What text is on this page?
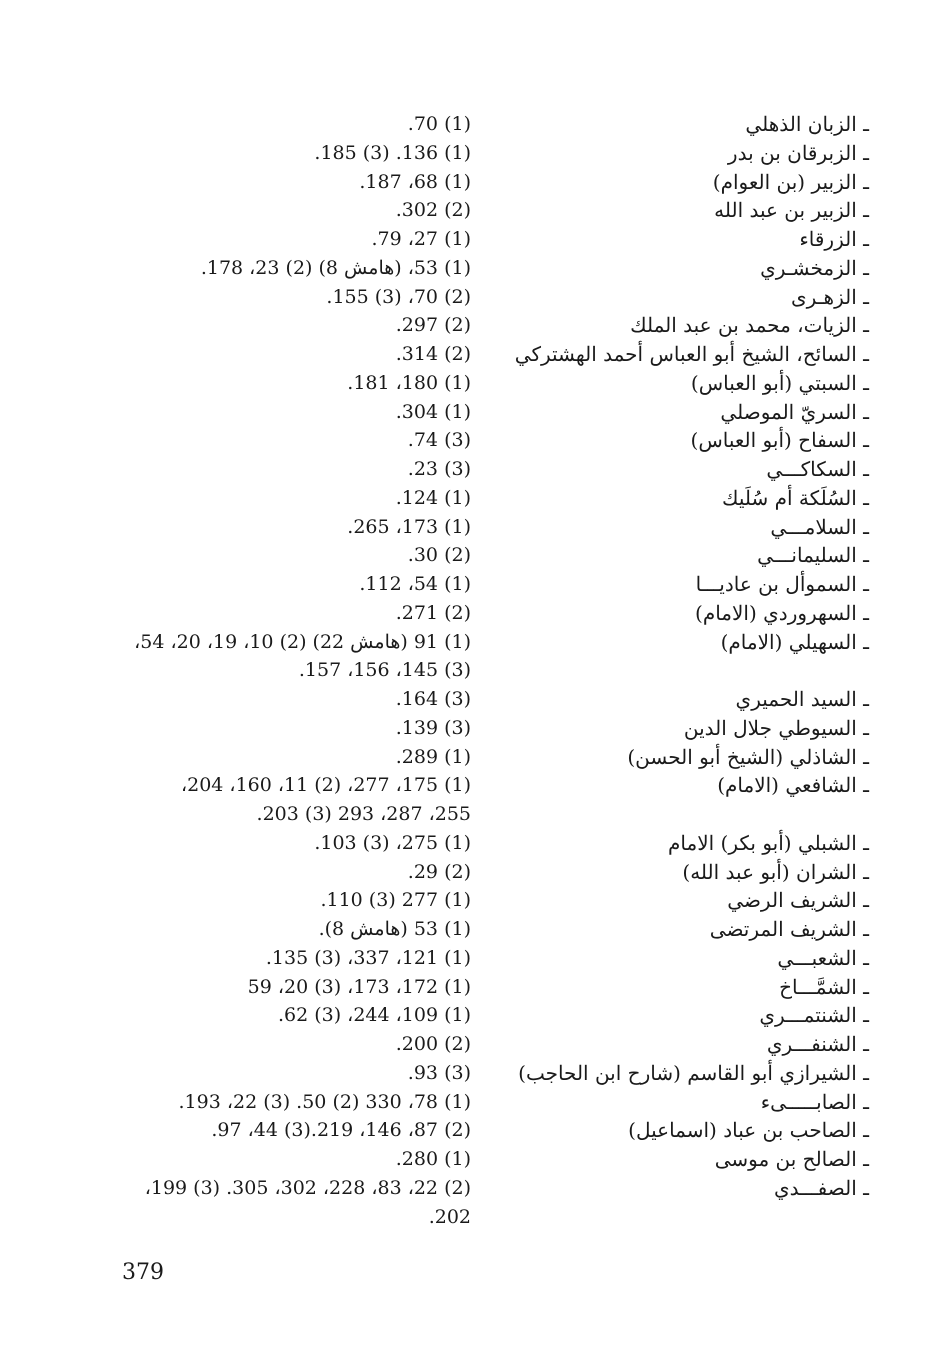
ـ الزبان الذهلي
(1) 70.
ـ الزبرقان بن بدر
(1) 136. (3) 185.
ـ الزبير (بن العوام)
(1) 68، 187.
ـ الزبير بن عبد الله
(2) 302.
ـ الزرقاء
(1) 27، 79.
ـ الزمخشـري
(1) 53، (هامش 8) (2) 23، 178.
ـ الزهـرى
(2) 70، (3) 155.
ـ الزيات، محمد بن عبد الملك
(2) 297.
ـ السائح، الشيخ أبو العباس أحمد الهشتركي
(2) 314.
ـ السبتي (أبو العباس)
(1) 180، 181.
ـ السريّ الموصلي
(1) 304.
ـ السفاح (أبو العباس)
(3) 74.
ـ السكاكـــي
(3) 23.
ـ السُلَكة أم سُلَيك
(1) 124.
ـ السلامـــي
(1) 173، 265.
ـ السليمانـــي
(2) 30.
ـ السموأل بن عاديـــا
(1) 54، 112.
ـ السهروردي (الامام)
(2) 271.
ـ السهيلي (الامام)
(1) 91 (هامش 22) (2) 10، 19، 20، 54،
(3) 145، 156، 157.
ـ السيد الحميري
(3) 164.
ـ السيوطي جلال الدين
(3) 139.
ـ الشاذلي (الشيخ أبو الحسن)
(1) 289.
ـ الشافعي (الامام)
(1) 175، 277، (2) 11، 160، 204،
255، 287، 293 (3) 203.
ـ الشبلي (أبو بكر) الامام
(1) 275، (3) 103.
ـ الشران (أبو عبد الله)
(2) 29.
ـ الشريف الرضي
(1) 277 (3) 110.
ـ الشريف المرتضى
(1) 53 (هامش 8).
ـ الشعبـــي
(1) 121، 337، (3) 135.
ـ الشمَّـــاخ
(1) 172، 173، (3) 20، 59
ـ الشنتمـــري
(1) 109، 244، (3) 62.
ـ الشنفـــري
(2) 200.
ـ الشيرازي أبو القاسم (شارح ابن الحاجب)
(3) 93.
ـ الصابـــــىء
(1) 78، 330 (2) 50. (3) 22، 193.
ـ الصاحب بن عباد (اسماعيل)
(2) 87، 146، 219.(3) 44، 97.
ـ الصالح بن موسى
(1) 280.
ـ الصفـــدي
(2) 22، 83، 228، 302، 305. (3) 199،
202.
379
